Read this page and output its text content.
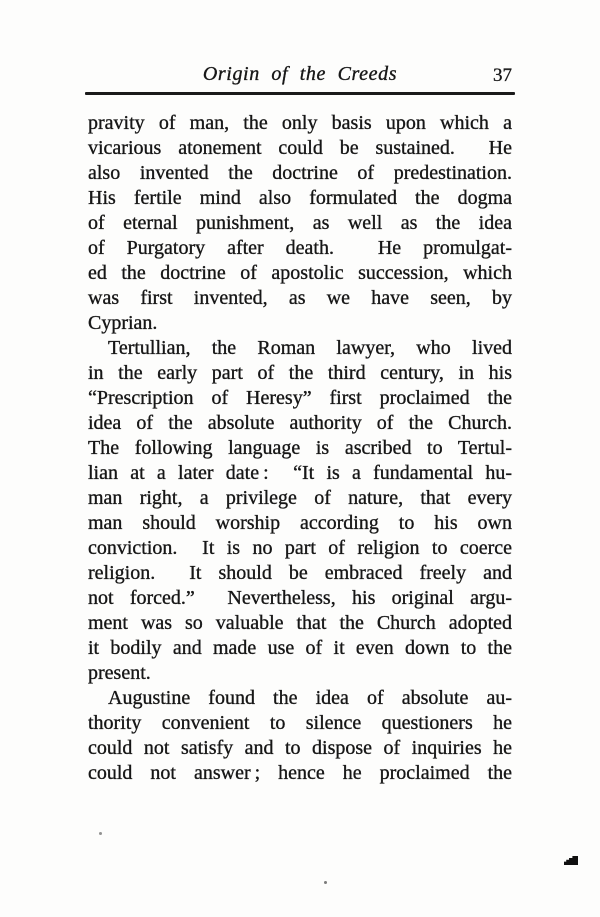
Origin of the Creeds	37
pravity of man, the only basis upon which a
vicarious atonement could be sustained.  He
also invented the doctrine of predestination.
His fertile mind also formulated the dogma
of eternal punishment, as well as the idea
of Purgatory after death.  He promulgat-
ed the doctrine of apostolic succession, which
was first invented, as we have seen, by
Cyprian.
Tertullian, the Roman lawyer, who lived
in the early part of the third century, in his
“Prescription of Heresy” first proclaimed the
idea of the absolute authority of the Church.
The following language is ascribed to Tertul-
lian at a later date :  “It is a fundamental hu-
man right, a privilege of nature, that every
man should worship according to his own
conviction.  It is no part of religion to coerce
religion.  It should be embraced freely and
not forced.”  Nevertheless, his original argu-
ment was so valuable that the Church adopted
it bodily and made use of it even down to the
present.
Augustine found the idea of absolute au-
thority convenient to silence questioners he
could not satisfy and to dispose of inquiries he
could not answer ; hence he proclaimed the
